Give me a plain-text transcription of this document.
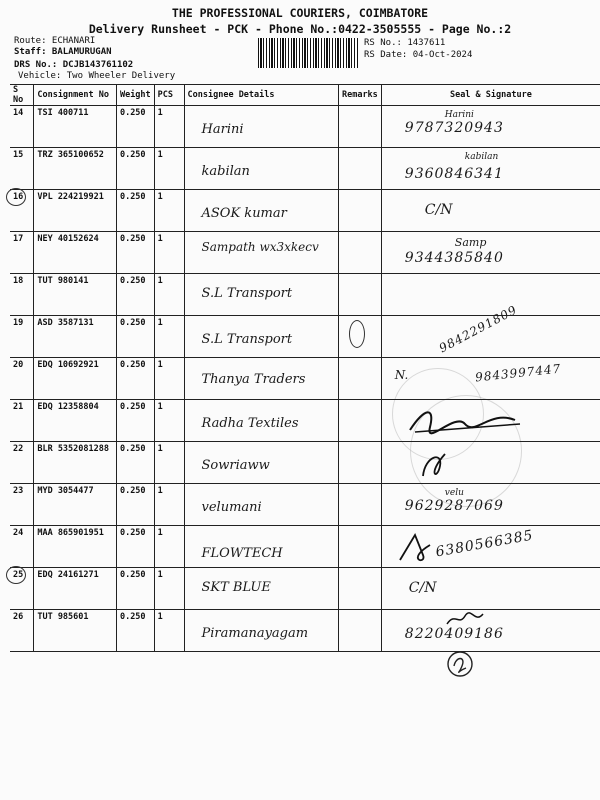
THE PROFESSIONAL COURIERS, COIMBATORE
Delivery Runsheet - PCK - Phone No.:0422-3505555 - Page No.:2
Route: ECHANARI
Staff: BALAMURUGAN
DRS No.: DCJB143761102
Vehicle: Two Wheeler Delivery
RS No.: 1437611
RS Date: 04-Oct-2024
S No	Consignment No	Weight	PCS	Consignee Details	Remarks	Seal & Signature
14	TSI 400711	0.250	1	Harini		Harini
9787320943

15	TRZ 365100652	0.250	1	kabilan		kabilan
9360846341

16	VPL 224219921	0.250	1	ASOK kumar		C/N

17	NEY 40152624	0.250	1	Sampath wx3xkecv		Samp
9344385840

18	TUT 980141	0.250	1	S.L Transport		

19	ASD 3587131	0.250	1	S.L Transport		9842291809

20	EDQ 10692921	0.250	1	Thanya Traders		N. 9843997447

21	EDQ 12358804	0.250	1	Radha Textiles

22	BLR 5352081288	0.250	1	Sowriaww

23	MYD 3054477	0.250	1	velumani		velu
9629287069

24	MAA 865901951	0.250	1	FLOWTECH		6380566385

25	EDQ 24161271	0.250	1	SKT BLUE		C/N

26	TUT 985601	0.250	1	Piramanayagam		8220409186
